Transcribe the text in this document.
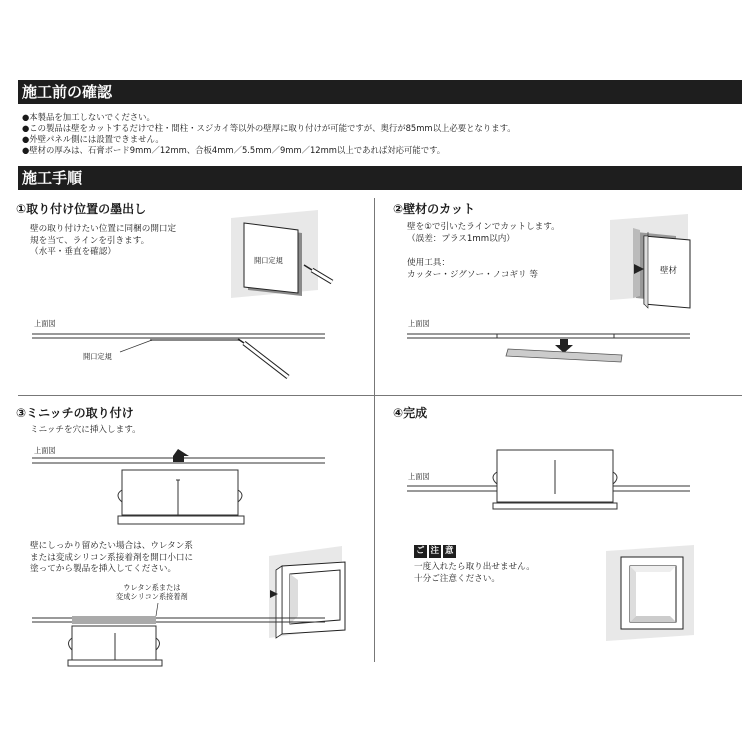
施工前の確認
●本製品を加工しないでください。
●この製品は壁をカットするだけで柱・間柱・スジカイ等以外の壁厚に取り付けが可能ですが、奥行が85mm以上必要となります。
●外壁パネル側には設置できません。
●壁材の厚みは、石膏ボード9mm／12mm、合板4mm／5.5mm／9mm／12mm以上であれば対応可能です。
施工手順
①取り付け位置の墨出し
壁の取り付けたい位置に同梱の開口定
規を当て、ラインを引きます。
（水平・垂直を確認）
開口定規
上面図
開口定規
②壁材のカット
壁を①で引いたラインでカットします。
（誤差：プラス1mm以内）
使用工具：
カッター・ジグソー・ノコギリ 等	壁材
上面図
③ミニッチの取り付け
ミニッチを穴に挿入します。
上面図
壁にしっかり留めたい場合は、ウレタン系
または変成シリコン系接着剤を開口小口に
塗ってから製品を挿入してください。
ウレタン系または
変成シリコン系接着剤
④完成
上面図
ご 注 意
一度入れたら取り出せません。
十分ご注意ください。
